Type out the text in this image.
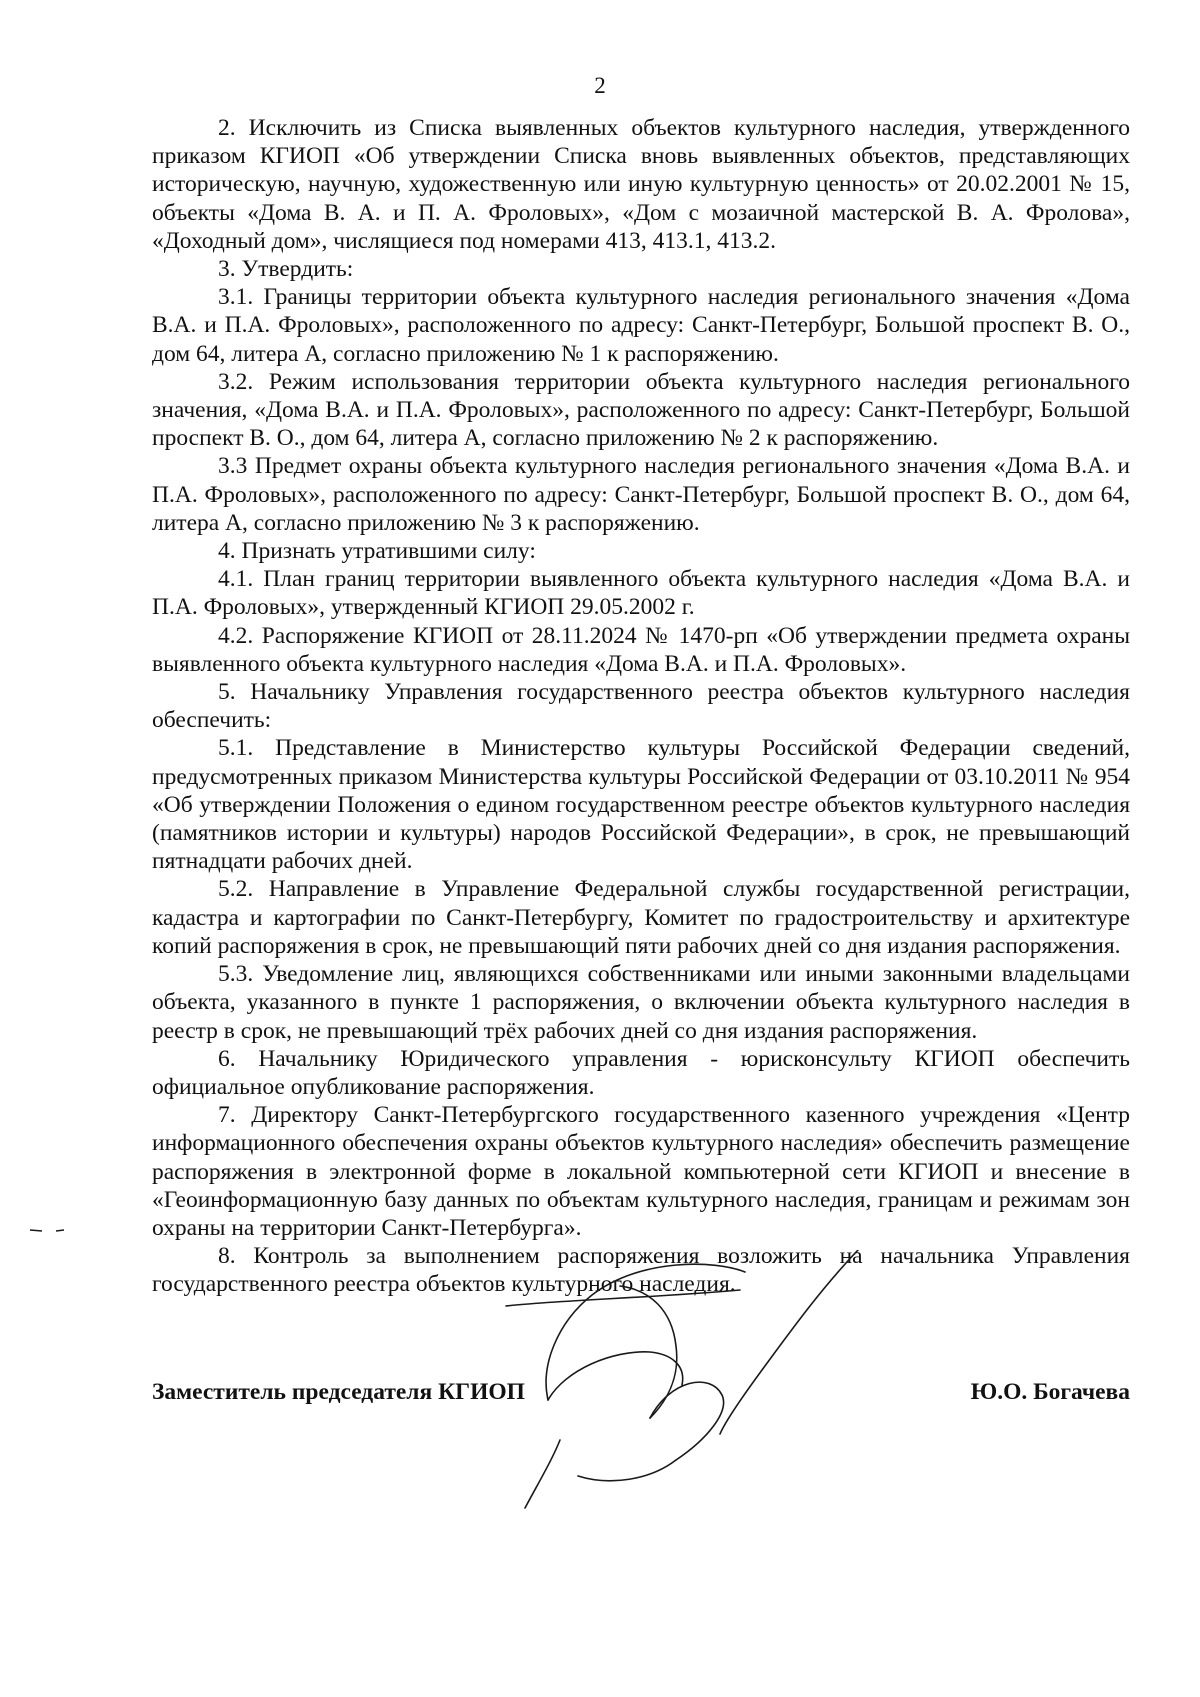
2

2. Исключить из Списка выявленных объектов культурного наследия, утвержденного приказом КГИОП «Об утверждении Списка вновь выявленных объектов, представляющих историческую, научную, художественную или иную культурную ценность» от 20.02.2001 № 15, объекты «Дома В. А. и П. А. Фроловых», «Дом с мозаичной мастерской В. А. Фролова», «Доходный дом», числящиеся под номерами 413, 413.1, 413.2.

3. Утвердить:

3.1. Границы территории объекта культурного наследия регионального значения «Дома В.А. и П.А. Фроловых», расположенного по адресу: Санкт-Петербург, Большой проспект В. О., дом 64, литера А, согласно приложению № 1 к распоряжению.

3.2. Режим использования территории объекта культурного наследия регионального значения, «Дома В.А. и П.А. Фроловых», расположенного по адресу: Санкт-Петербург, Большой проспект В. О., дом 64, литера А, согласно приложению № 2 к распоряжению.

3.3 Предмет охраны объекта культурного наследия регионального значения «Дома В.А. и П.А. Фроловых», расположенного по адресу: Санкт-Петербург, Большой проспект В. О., дом 64, литера А, согласно приложению № 3 к распоряжению.

4. Признать утратившими силу:

4.1. План границ территории выявленного объекта культурного наследия «Дома В.А. и П.А. Фроловых», утвержденный КГИОП 29.05.2002 г.

4.2. Распоряжение КГИОП от 28.11.2024 № 1470-рп «Об утверждении предмета охраны выявленного объекта культурного наследия «Дома В.А. и П.А. Фроловых».

5. Начальнику Управления государственного реестра объектов культурного наследия обеспечить:

5.1. Представление в Министерство культуры Российской Федерации сведений, предусмотренных приказом Министерства культуры Российской Федерации от 03.10.2011 № 954 «Об утверждении Положения о едином государственном реестре объектов культурного наследия (памятников истории и культуры) народов Российской Федерации», в срок, не превышающий пятнадцати рабочих дней.

5.2. Направление в Управление Федеральной службы государственной регистрации, кадастра и картографии по Санкт-Петербургу, Комитет по градостроительству и архитектуре копий распоряжения в срок, не превышающий пяти рабочих дней со дня издания распоряжения.

5.3. Уведомление лиц, являющихся собственниками или иными законными владельцами объекта, указанного в пункте 1 распоряжения, о включении объекта культурного наследия в реестр в срок, не превышающий трёх рабочих дней со дня издания распоряжения.

6. Начальнику Юридического управления - юрисконсульту КГИОП обеспечить официальное опубликование распоряжения.

7. Директору Санкт-Петербургского государственного казенного учреждения «Центр информационного обеспечения охраны объектов культурного наследия» обеспечить размещение распоряжения в электронной форме в локальной компьютерной сети КГИОП и внесение в «Геоинформационную базу данных по объектам культурного наследия, границам и режимам зон охраны на территории Санкт-Петербурга».

8. Контроль за выполнением распоряжения возложить на начальника Управления государственного реестра объектов культурного наследия.

Заместитель председателя КГИОП	Ю.О. Богачева
